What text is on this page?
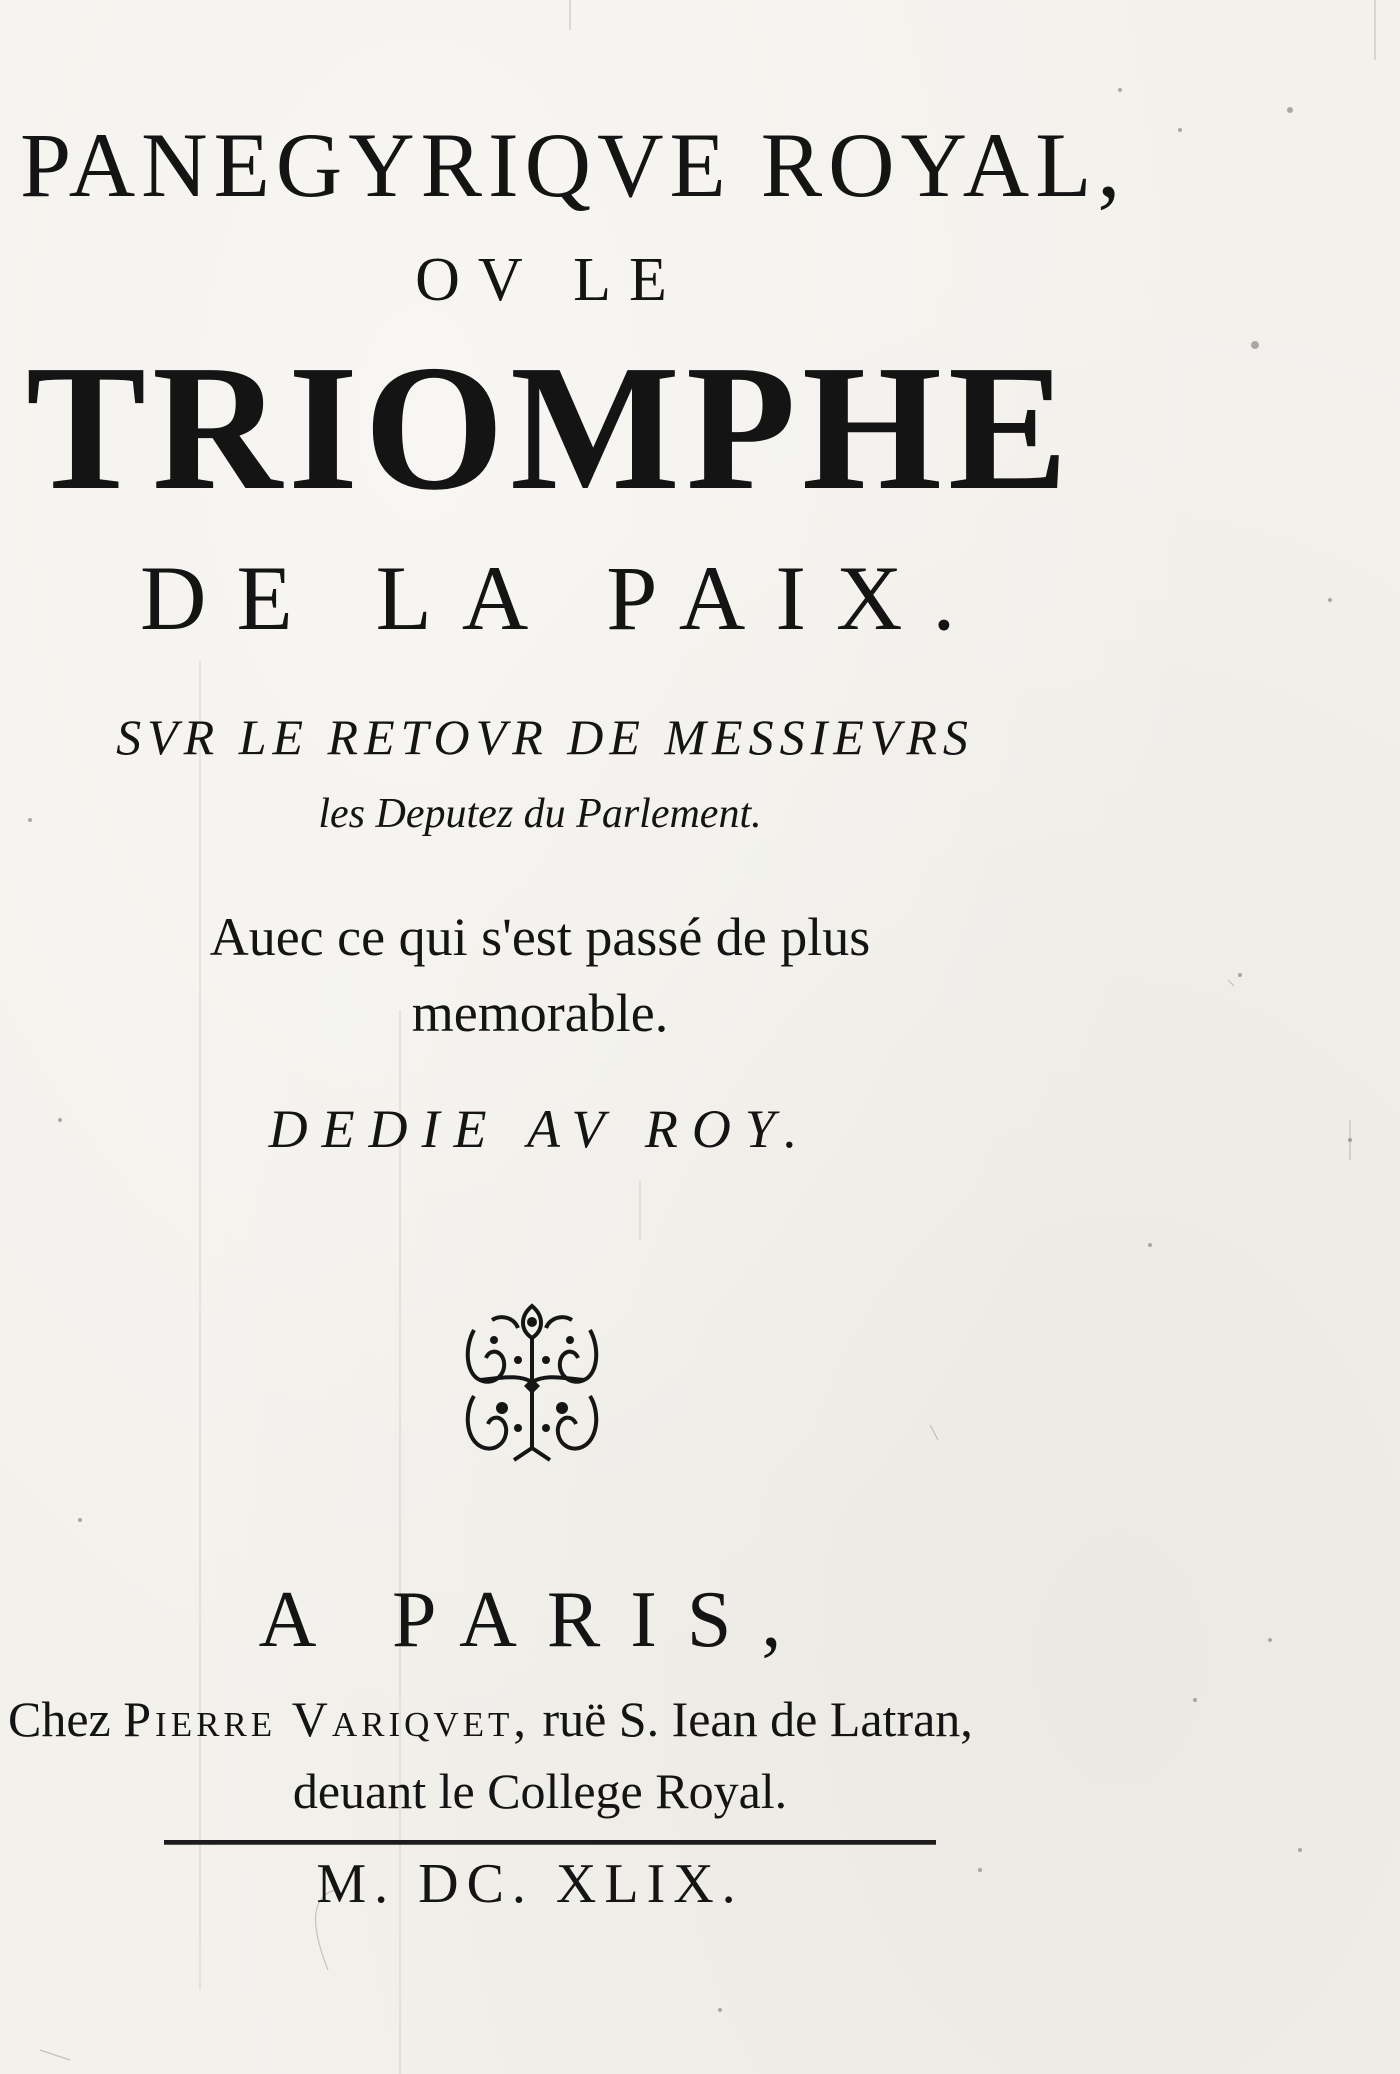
PANEGYRIQVE ROYAL,
OV LE
TRIOMPHE
DE LA PAIX.
SVR LE RETOVR DE MESSIEVRS
les Deputez du Parlement.
Auec ce qui s'est passé de plus
memorable.
DEDIE AV ROY.
A PARIS,
Chez Pierre Variqvet, ruë S. Iean de Latran,
deuant le College Royal.
M. DC. XLIX.
